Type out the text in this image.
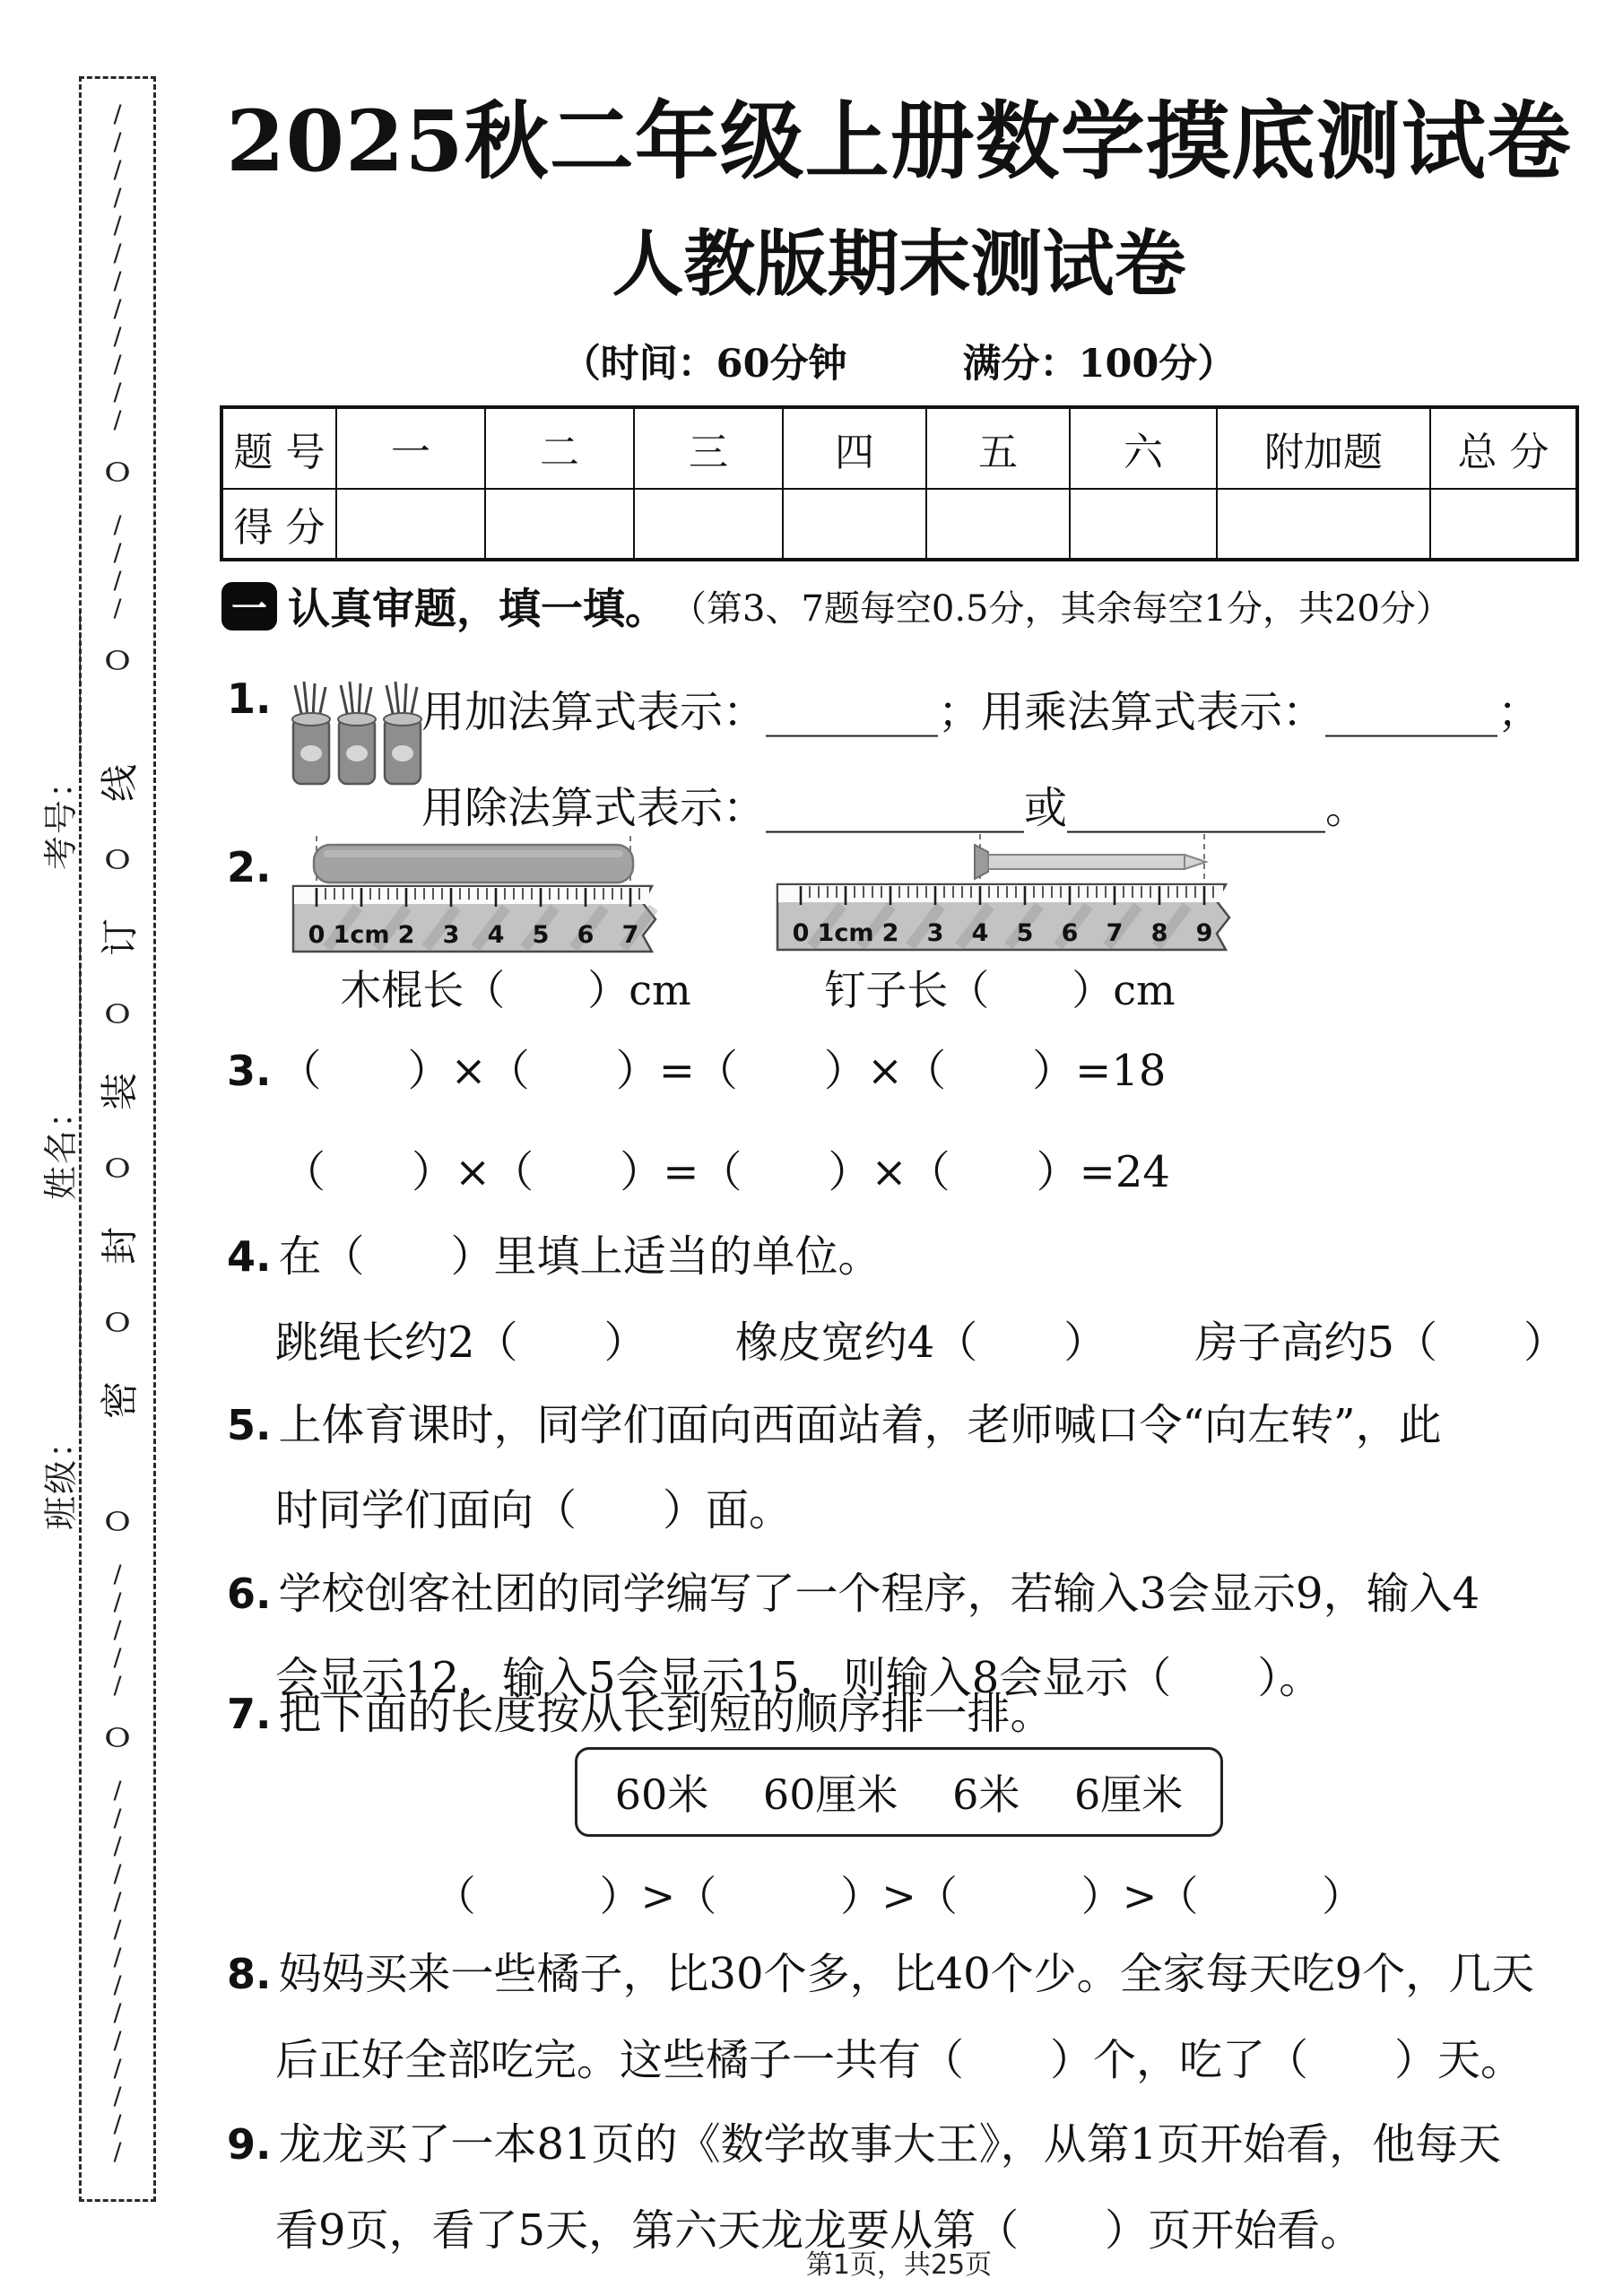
班级：________　　姓名：________　　考号：________
/
/
/
/
/
/
/
/
/
/
/
/
O
/
/
/
/
O
线
O
订
O
装
O
封
O
密
O
/
/
/
/
/
O
/
/
/
/
/
/
/
/
/
/
/
/
/
/
2025秋二年级上册数学摸底测试卷
人教版期末测试卷
（时间：60分钟　　　满分：100分）
题 号	一	二	三	四	五	六	附加题	总 分
得 分								
一 认真审题，填一填。 （第3、7题每空0.5分，其余每空1分，共20分）
1.	用加法算式表示：________；用乘法算式表示：________；
用除法算式表示：____________或____________。
2.
0 1cm 2 3 4 5 6 7	0 1cm 2 3 4 5 6 7 8 9
木棍长（　　）cm	钉子长（　　）cm
3. （　　）×（　　）=（　　）×（　　）=18
（　　）×（　　）=（　　）×（　　）=24
4. 在（　　）里填上适当的单位。
跳绳长约2（　　） 橡皮宽约4（　　） 房子高约5（　　）
5. 上体育课时，同学们面向西面站着，老师喊口令“向左转”，此
时同学们面向（　　）面。
6. 学校创客社团的同学编写了一个程序，若输入3会显示9，输入4
会显示12，输入5会显示15，则输入8会显示（　　）。
7. 把下面的长度按从长到短的顺序排一排。
60米　 60厘米　 6米　 6厘米
（　　　）>（　　　）>（　　　）>（　　　）
8. 妈妈买来一些橘子，比30个多，比40个少。全家每天吃9个，几天
后正好全部吃完。这些橘子一共有（　　）个，吃了（　　）天。
9. 龙龙买了一本81页的《数学故事大王》，从第1页开始看，他每天
看9页，看了5天，第六天龙龙要从第（　　）页开始看。
第1页，共25页
